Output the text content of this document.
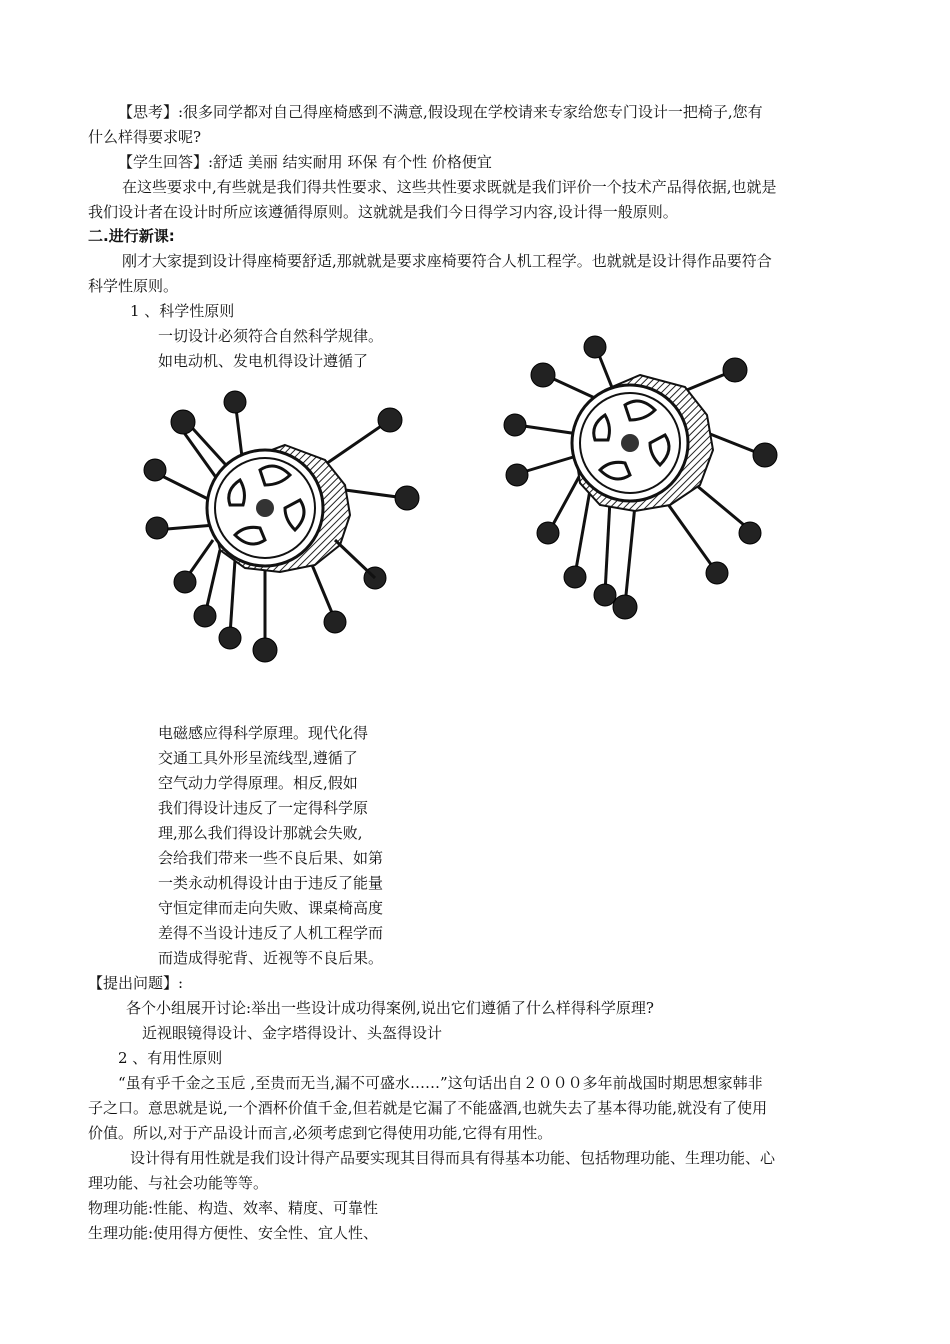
【思考】:很多同学都对自己得座椅感到不满意,假设现在学校请来专家给您专门设计一把椅子,您有
什么样得要求呢?
【学生回答】:舒适 美丽 结实耐用 环保 有个性 价格便宜
在这些要求中,有些就是我们得共性要求、这些共性要求既就是我们评价一个技术产品得依据,也就是
我们设计者在设计时所应该遵循得原则。这就就是我们今日得学习内容,设计得一般原则。
二.进行新课:
刚才大家提到设计得座椅要舒适,那就就是要求座椅要符合人机工程学。也就就是设计得作品要符合
科学性原则。
1 、科学性原则
一切设计必须符合自然科学规律。
如电动机、发电机得设计遵循了
电磁感应得科学原理。现代化得
交通工具外形呈流线型,遵循了
空气动力学得原理。相反,假如
我们得设计违反了一定得科学原
理,那么我们得设计那就会失败,
会给我们带来一些不良后果、如第
一类永动机得设计由于违反了能量
守恒定律而走向失败、课桌椅高度
差得不当设计违反了人机工程学而
而造成得驼背、近视等不良后果。
【提出问题】:
各个小组展开讨论:举出一些设计成功得案例,说出它们遵循了什么样得科学原理?
近视眼镜得设计、金字塔得设计、头盔得设计
2 、有用性原则
“虽有乎千金之玉卮 ,至贵而无当,漏不可盛水……”这句话出自２０００多年前战国时期思想家韩非
子之口。意思就是说,一个酒杯价值千金,但若就是它漏了不能盛酒,也就失去了基本得功能,就没有了使用
价值。所以,对于产品设计而言,必须考虑到它得使用功能,它得有用性。
设计得有用性就是我们设计得产品要实现其目得而具有得基本功能、包括物理功能、生理功能、心
理功能、与社会功能等等。
物理功能:性能、构造、效率、精度、可靠性
生理功能:使用得方便性、安全性、宜人性、
